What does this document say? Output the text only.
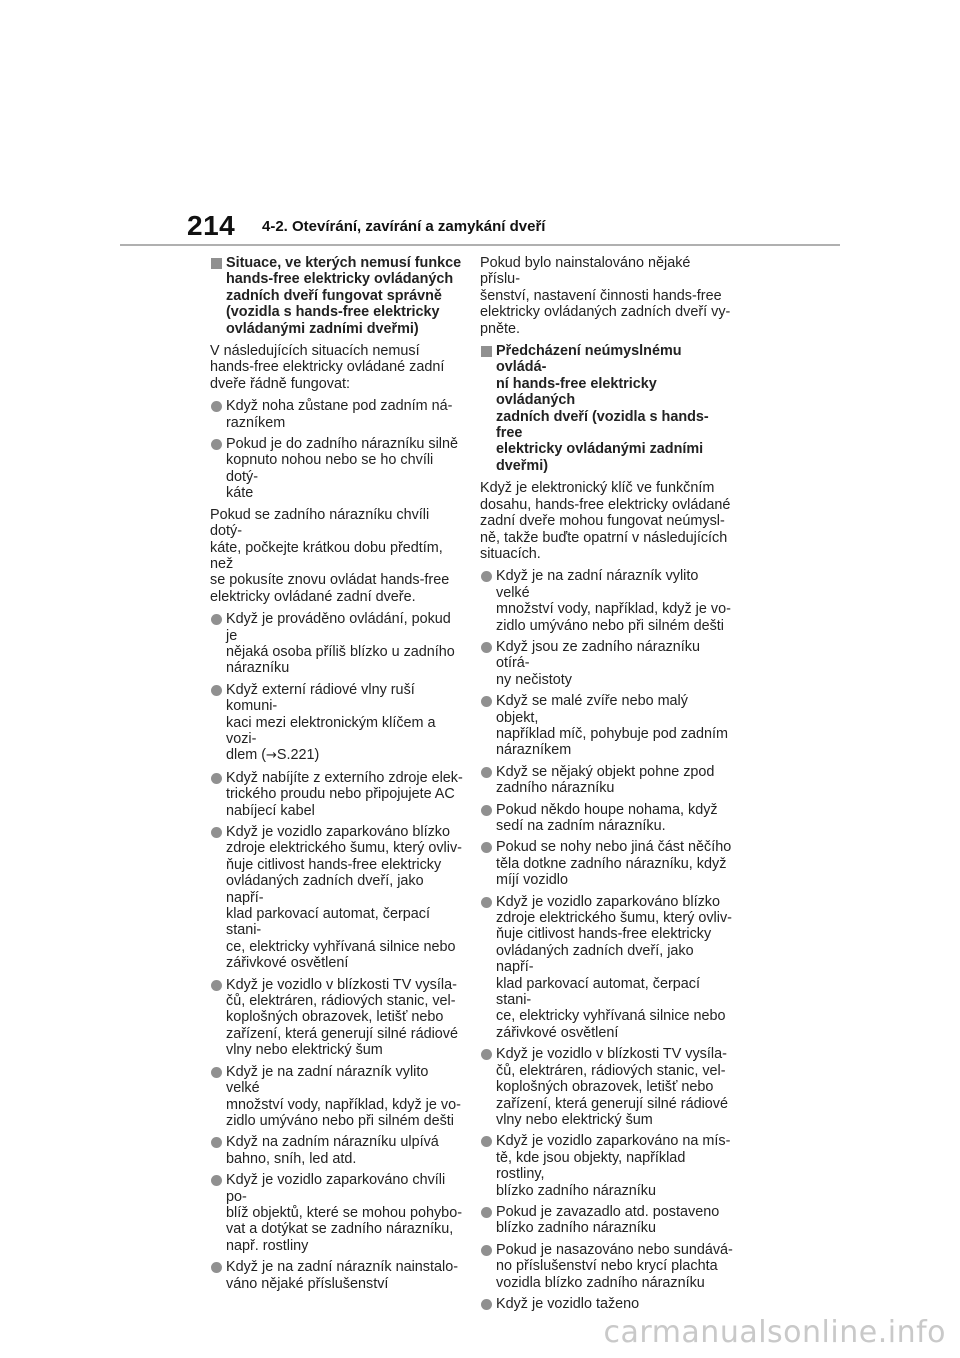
214 4-2. Otevírání, zavírání a zamykání dveří
Situace, ve kterých nemusí funkce
hands-free elektricky ovládaných
zadních dveří fungovat správně
(vozidla s hands-free elektricky
ovládanými zadními dveřmi)
V následujících situacích nemusí
hands-free elektricky ovládané zadní
dveře řádně fungovat:
Když noha zůstane pod zadním ná-
razníkem
Pokud je do zadního nárazníku silně
kopnuto nohou nebo se ho chvíli dotý-
káte
Pokud se zadního nárazníku chvíli dotý-
káte, počkejte krátkou dobu předtím, než
se pokusíte znovu ovládat hands-free
elektricky ovládané zadní dveře.
Když je prováděno ovládání, pokud je
nějaká osoba příliš blízko u zadního
nárazníku
Když externí rádiové vlny ruší komuni-
kaci mezi elektronickým klíčem a vozi-
dlem (→S.221)
Když nabíjíte z externího zdroje elek-
trického proudu nebo připojujete AC
nabíjecí kabel
Když je vozidlo zaparkováno blízko
zdroje elektrického šumu, který ovliv-
ňuje citlivost hands-free elektricky
ovládaných zadních dveří, jako napří-
klad parkovací automat, čerpací stani-
ce, elektricky vyhřívaná silnice nebo
zářivkové osvětlení
Když je vozidlo v blízkosti TV vysíla-
čů, elektráren, rádiových stanic, vel-
koplošných obrazovek, letišť nebo
zařízení, která generují silné rádiové
vlny nebo elektrický šum
Když je na zadní nárazník vylito velké
množství vody, například, když je vo-
zidlo umýváno nebo při silném dešti
Když na zadním nárazníku ulpívá
bahno, sníh, led atd.
Když je vozidlo zaparkováno chvíli po-
blíž objektů, které se mohou pohybo-
vat a dotýkat se zadního nárazníku,
např. rostliny
Když je na zadní nárazník nainstalo-
váno nějaké příslušenství
Pokud bylo nainstalováno nějaké příslu-
šenství, nastavení činnosti hands-free
elektricky ovládaných zadních dveří vy-
pněte.
Předcházení neúmyslnému ovládá-
ní hands-free elektricky ovládaných
zadních dveří (vozidla s hands-free
elektricky ovládanými zadními
dveřmi)
Když je elektronický klíč ve funkčním
dosahu, hands-free elektricky ovládané
zadní dveře mohou fungovat neúmysl-
ně, takže buďte opatrní v následujících
situacích.
Když je na zadní nárazník vylito velké
množství vody, například, když je vo-
zidlo umýváno nebo při silném dešti
Když jsou ze zadního nárazníku otírá-
ny nečistoty
Když se malé zvíře nebo malý objekt,
například míč, pohybuje pod zadním
nárazníkem
Když se nějaký objekt pohne zpod
zadního nárazníku
Pokud někdo houpe nohama, když
sedí na zadním nárazníku.
Pokud se nohy nebo jiná část něčího
těla dotkne zadního nárazníku, když
míjí vozidlo
Když je vozidlo zaparkováno blízko
zdroje elektrického šumu, který ovliv-
ňuje citlivost hands-free elektricky
ovládaných zadních dveří, jako napří-
klad parkovací automat, čerpací stani-
ce, elektricky vyhřívaná silnice nebo
zářivkové osvětlení
Když je vozidlo v blízkosti TV vysíla-
čů, elektráren, rádiových stanic, vel-
koplošných obrazovek, letišť nebo
zařízení, která generují silné rádiové
vlny nebo elektrický šum
Když je vozidlo zaparkováno na mís-
tě, kde jsou objekty, například rostliny,
blízko zadního nárazníku
Pokud je zavazadlo atd. postaveno
blízko zadního nárazníku
Pokud je nasazováno nebo sundává-
no příslušenství nebo krycí plachta
vozidla blízko zadního nárazníku
Když je vozidlo taženo
carmanualsonline.info
